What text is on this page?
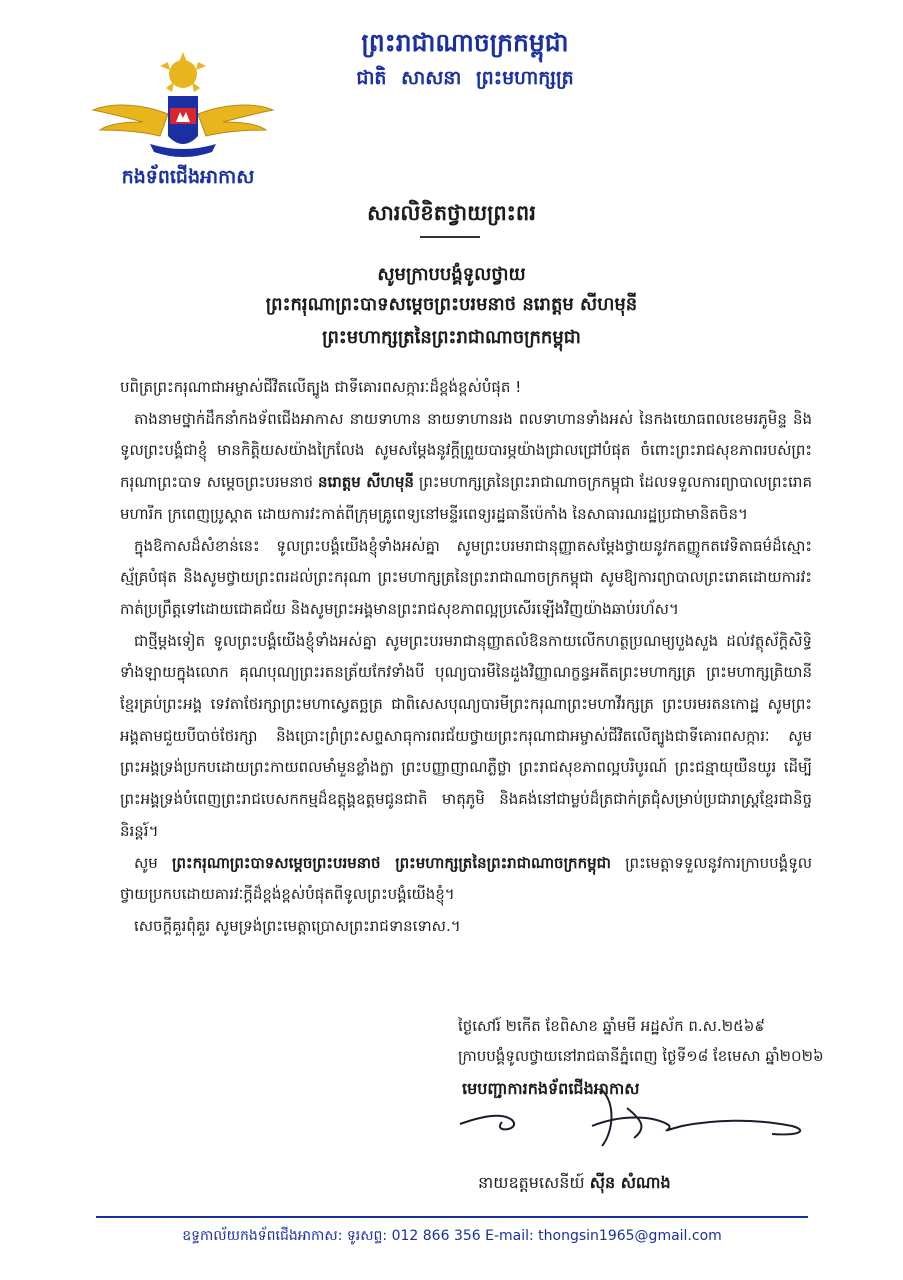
កងទ័ពជើងអាកាស
ព្រះរាជាណាចក្រកម្ពុជា
ជាតិ សាសនា ព្រះមហាក្សត្រ
សារលិខិតថ្វាយព្រះពរ
សូមក្រាបបង្គំទូលថ្វាយ
ព្រះករុណាព្រះបាទសម្តេចព្រះបរមនាថ នរោត្តម សីហមុនី
ព្រះមហាក្សត្រនៃព្រះរាជាណាចក្រកម្ពុជា

បពិត្រព្រះករុណាជាអម្ចាស់ជីវិតលើត្បូង ជាទីគោរពសក្ការៈដ៏ខ្ពង់ខ្ពស់បំផុត !

តាងនាមថ្នាក់ដឹកនាំកងទ័ពជើងអាកាស នាយទាហាន នាយទាហានរង ពលទាហានទាំងអស់ នៃកងយោធពលខេមរភូមិន្ទ និងទូលព្រះបង្គំជាខ្ញុំ មានកិត្តិយសយ៉ាងក្រៃលែង សូមសម្តែងនូវក្តីព្រួយបារម្ភយ៉ាងជ្រាលជ្រៅបំផុត ចំពោះព្រះរាជសុខភាពរបស់ព្រះករុណាព្រះបាទ សម្តេចព្រះបរមនាថ នរោត្តម សីហមុនី ព្រះមហាក្សត្រនៃព្រះរាជាណាចក្រកម្ពុជា ដែលទទួលការព្យាបាលព្រះរោគមហារីក ក្រពេញប្រូស្តាត ដោយការវះកាត់ពីក្រុមគ្រូពេទ្យនៅមន្ទីរពេទ្យរដ្ឋធានីប៉េកាំង នៃសាធារណរដ្ឋប្រជាមានិតចិន។

ក្នុងឱកាសដ៏សំខាន់នេះ ទូលព្រះបង្គំយើងខ្ញុំទាំងអស់គ្នា សូមព្រះបរមរាជានុញ្ញាតសម្តែងថ្វាយនូវកតញ្ញូកតវេទិតាធម៌ដ៏ស្មោះស្ម័គ្របំផុត និងសូមថ្វាយព្រះពរដល់ព្រះករុណា ព្រះមហាក្សត្រនៃព្រះរាជាណាចក្រកម្ពុជា សូមឱ្យការព្យាបាលព្រះរោគដោយការវះកាត់ប្រព្រឹត្តទៅដោយជោគជ័យ និងសូមព្រះអង្គមានព្រះរាជសុខភាពល្អប្រសើរឡើងវិញយ៉ាងឆាប់រហ័ស។

ជាថ្មីម្តងទៀត ទូលព្រះបង្គំយើងខ្ញុំទាំងអស់គ្នា សូមព្រះបរមរាជានុញ្ញាតលំឱនកាយលើកហត្ថប្រណម្យបួងសួង ដល់វត្ថុស័ក្តិសិទ្ធិទាំងឡាយក្នុងលោក គុណបុណ្យព្រះរតនត្រ័យកែវទាំងបី បុណ្យបារមីនៃដួងវិញ្ញាណក្ខន្ធអតីតព្រះមហាក្សត្រ ព្រះមហាក្សត្រិយានីខ្មែរគ្រប់ព្រះអង្គ ទេវតាថែរក្សាព្រះមហាស្វេតច្ឆត្រ ជាពិសេសបុណ្យបារមីព្រះករុណាព្រះមហាវីរក្សត្រ ព្រះបរមរតនកោដ្ឋ សូមព្រះអង្គតាមជួយបីបាច់ថែរក្សា និងប្រោះព្រំព្រះសព្ទសាធុការពរជ័យថ្វាយព្រះករុណាជាអម្ចាស់ជីវិតលើត្បូងជាទីគោរពសក្ការៈ សូមព្រះអង្គទ្រង់ប្រកបដោយព្រះកាយពលមាំមួនខ្លាំងក្លា ព្រះបញ្ញាញាណភ្លឺថ្លា ព្រះរាជសុខភាពល្អបរិបូរណ៍ ព្រះជន្មាយុយឺនយូរ ដើម្បីព្រះអង្គទ្រង់បំពេញព្រះរាជបេសកកម្មដ៏ឧត្តុង្គឧត្តមជូនជាតិ មាតុភូមិ និងគង់នៅជាម្លប់ដ៏ត្រជាក់ត្រជុំសម្រាប់ប្រជារាស្ត្រខ្មែរជានិច្ចនិរន្តរ៍។

សូម ព្រះករុណាព្រះបាទសម្តេចព្រះបរមនាថ ព្រះមហាក្សត្រនៃព្រះរាជាណាចក្រកម្ពុជា ព្រះមេត្តាទទួលនូវការក្រាបបង្គំទូលថ្វាយប្រកបដោយគារវៈក្តីដ៏ខ្ពង់ខ្ពស់បំផុតពីទូលព្រះបង្គំយើងខ្ញុំ។

សេចក្តីគួរពុំគួរ សូមទ្រង់ព្រះមេត្តាប្រោសព្រះរាជទានទោស.។

ថ្ងៃសៅរ៍ ២កើត ខែពិសាខ ឆ្នាំមមី អដ្ឋស័ក ព.ស.២៥៦៩
ក្រាបបង្គំទូលថ្វាយនៅរាជធានីភ្នំពេញ ថ្ងៃទី១៨ ខែមេសា ឆ្នាំ២០២៦
មេបញ្ជាការកងទ័ពជើងអាកាស
នាយឧត្តមសេនីយ៍ ស៊ីន សំណាង
ឧទ្ទកាល័យកងទ័ពជើងអាកាស: ទូរសព្ទ: 012 866 356 E-mail: thongsin1965@gmail.com
